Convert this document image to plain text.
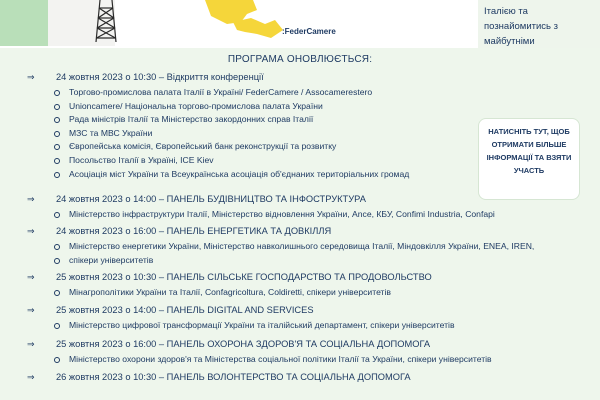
:FederCamere
Італією та познайомитись з майбутніми
ПРОГРАМА ОНОВЛЮЄТЬСЯ:
НАТИСНІТЬ ТУТ, ЩОБ ОТРИМАТИ БІЛЬШЕ ІНФОРМАЦІЇ ТА ВЗЯТИ УЧАСТЬ
⇒ 24 жовтня 2023 о 10:30 – Відкриття конференції
Торгово-промислова палата Італії в Україні/ FederCamere / Assocamerestero
Unioncamere/ Національна торгово-промислова палата України
Рада міністрів Італії та Міністерство закордонних справ Італії
МЗС та МВС України
Європейська комісія, Європейський банк реконструкції та розвитку
Посольство Італії в Україні, ICE Kiev
Асоціація міст України та Всеукраїнська асоціація об'єднаних територіальних громад
⇒ 24 жовтня 2023 о 14:00 – ПАНЕЛЬ БУДІВНИЦТВО ТА ІНФОСТРУКТУРА
Міністерство інфраструктури Італії, Міністерство відновлення України, Ance, КБУ, Confimi Industria, Confapi
⇒ 24 жовтня 2023 о 16:00 – ПАНЕЛЬ ЕНЕРГЕТИКА ТА ДОВКІЛЛЯ
Міністерство енергетики України, Міністерство навколишнього середовища Італії, Міндовкілля України, ENEA, IREN,
спікери університетів
⇒ 25 жовтня 2023 о 10:30 – ПАНЕЛЬ СІЛЬСЬКЕ ГОСПОДАРСТВО ТА ПРОДОВОЛЬСТВО
Мінагрополітики України та Італії, Confagricoltura, Coldiretti, спікери університетів
⇒ 25 жовтня 2023 о 14:00 – ПАНЕЛЬ DIGITAL AND SERVICES
Міністерство цифрової трансформації України та італійський департамент, спікери університетів
⇒ 25 жовтня 2023 о 16:00 – ПАНЕЛЬ ОХОРОНА ЗДОРОВ'Я ТА СОЦІАЛЬНА ДОПОМОГА
Міністерство охорони здоров'я та Міністерства соціальної політики Італії та України, спікери університетів
⇒ 26 жовтня 2023 о 10:30 – ПАНЕЛЬ ВОЛОНТЕРСТВО ТА СОЦІАЛЬНА ДОПОМОГА
